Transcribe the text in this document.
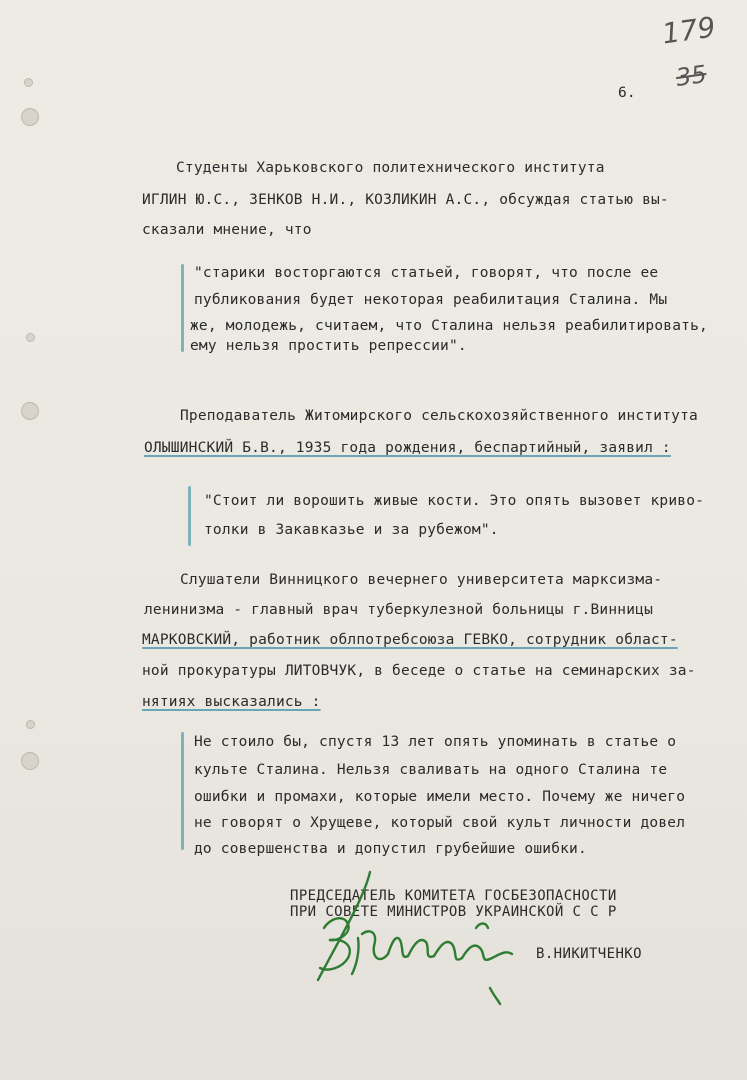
179
35
6.
Студенты Харьковского политехнического института
ИГЛИН Ю.С., ЗЕНКОВ Н.И., КОЗЛИКИН А.С., обсуждая статью вы-
сказали мнение, что
"старики восторгаются статьей, говорят, что после ее
публикования будет некоторая реабилитация Сталина. Мы
же, молодежь, считаем, что Сталина нельзя реабилитировать,
ему нельзя простить репрессии".
Преподаватель Житомирского сельскохозяйственного института
ОЛЫШИНСКИЙ Б.В., 1935 года рождения, беспартийный, заявил :
"Стоит ли ворошить живые кости. Это опять вызовет криво-
толки в Закавказье и за рубежом".
Слушатели Винницкого вечернего университета марксизма-
ленинизма - главный врач туберкулезной больницы г.Винницы
МАРКОВСКИЙ, работник облпотребсоюза ГЕВКО, сотрудник област-
ной прокуратуры ЛИТОВЧУК, в беседе о статье на семинарских за-
нятиях высказались :
Не стоило бы, спустя 13 лет опять упоминать в статье о
культе Сталина. Нельзя сваливать на одного Сталина те
ошибки и промахи, которые имели место. Почему же ничего
не говорят о Хрущеве, который свой культ личности довел
до совершенства и допустил грубейшие ошибки.
ПРЕДСЕДАТЕЛЬ КОМИТЕТА ГОСБЕЗОПАСНОСТИ
ПРИ СОВЕТЕ МИНИСТРОВ УКРАИНСКОЙ С С Р
В.НИКИТЧЕНКО
